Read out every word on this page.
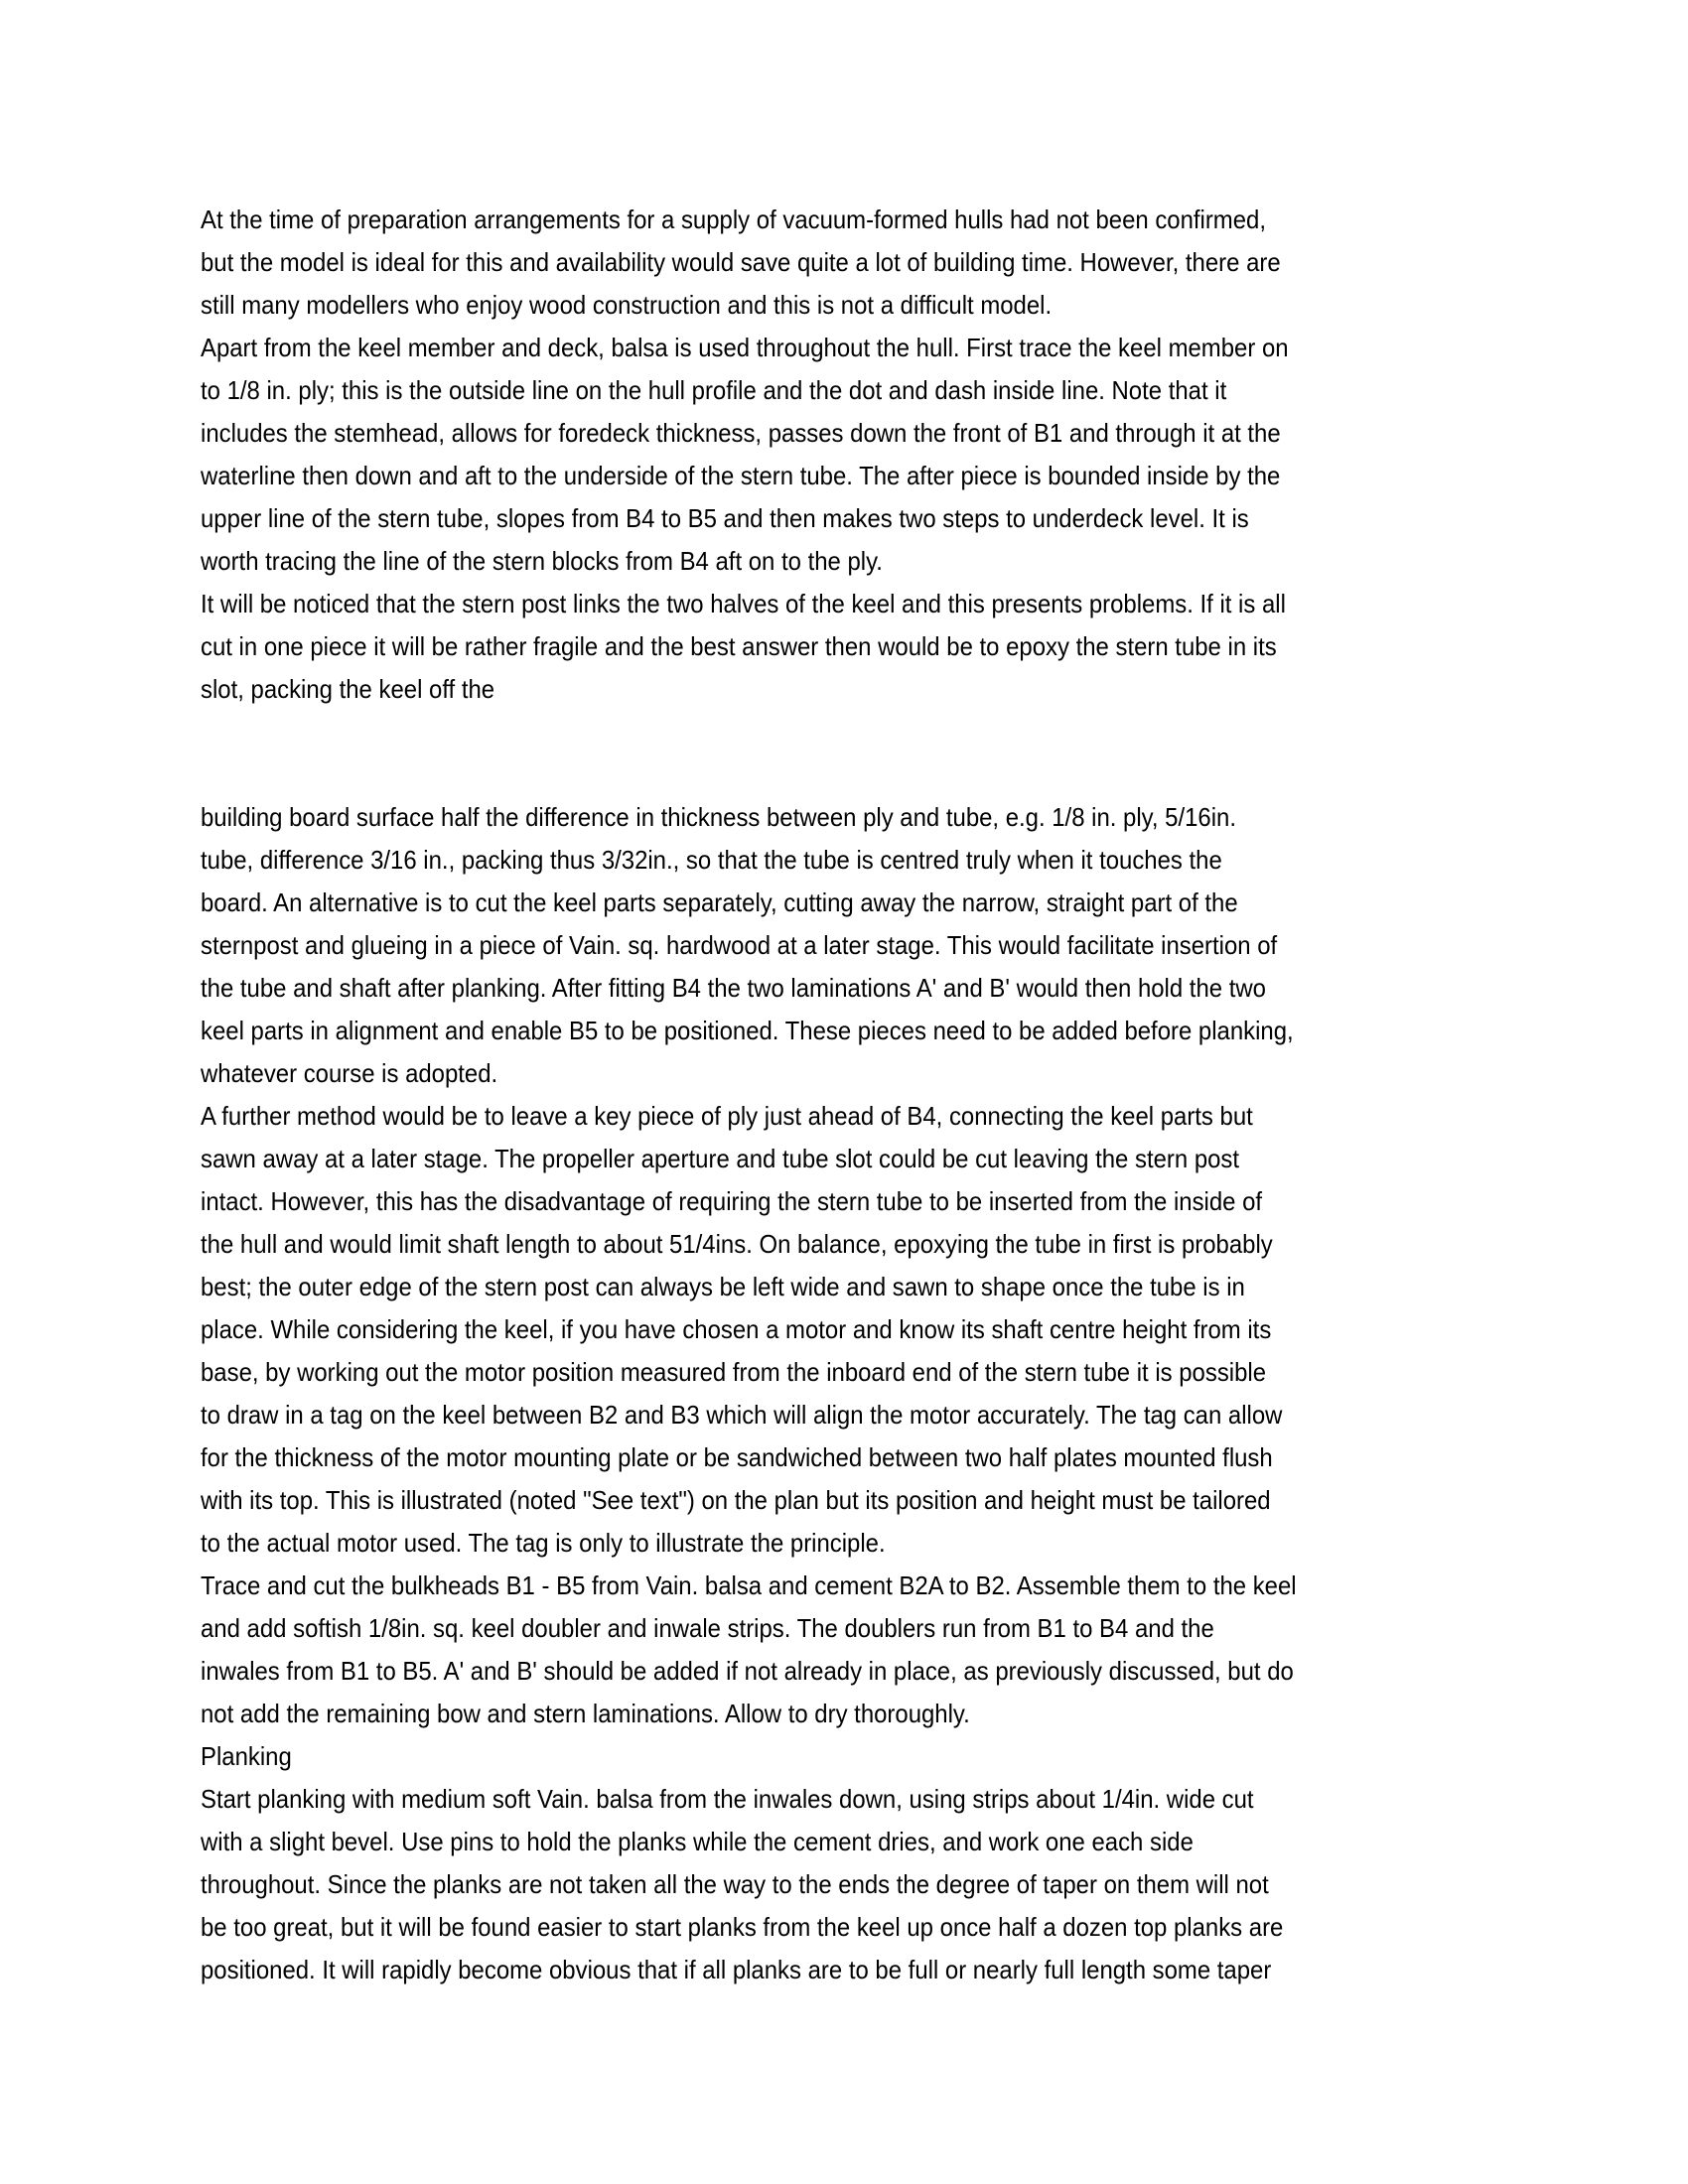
At the time of preparation arrangements for a supply of vacuum-formed hulls had not been confirmed,
but the model is ideal for this and availability would save quite a lot of building time. However, there are
still many modellers who enjoy wood construction and this is not a difficult model.
Apart from the keel member and deck, balsa is used throughout the hull. First trace the keel member on
to 1/8 in. ply; this is the outside line on the hull profile and the dot and dash inside line. Note that it
includes the stemhead, allows for foredeck thickness, passes down the front of B1 and through it at the
waterline then down and aft to the underside of the stern tube. The after piece is bounded inside by the
upper line of the stern tube, slopes from B4 to B5 and then makes two steps to underdeck level. It is
worth tracing the line of the stern blocks from B4 aft on to the ply.
It will be noticed that the stern post links the two halves of the keel and this presents problems. If it is all
cut in one piece it will be rather fragile and the best answer then would be to epoxy the stern tube in its
slot, packing the keel off the
building board surface half the difference in thickness between ply and tube, e.g. 1/8 in. ply, 5/16in.
tube, difference 3/16 in., packing thus 3/32in., so that the tube is centred truly when it touches the
board. An alternative is to cut the keel parts separately, cutting away the narrow, straight part of the
sternpost and glueing in a piece of Vain. sq. hardwood at a later stage. This would facilitate insertion of
the tube and shaft after planking. After fitting B4 the two laminations A' and B' would then hold the two
keel parts in alignment and enable B5 to be positioned. These pieces need to be added before planking,
whatever course is adopted.
A further method would be to leave a key piece of ply just ahead of B4, connecting the keel parts but
sawn away at a later stage. The propeller aperture and tube slot could be cut leaving the stern post
intact. However, this has the disadvantage of requiring the stern tube to be inserted from the inside of
the hull and would limit shaft length to about 51/4ins. On balance, epoxying the tube in first is probably
best; the outer edge of the stern post can always be left wide and sawn to shape once the tube is in
place. While considering the keel, if you have chosen a motor and know its shaft centre height from its
base, by working out the motor position measured from the inboard end of the stern tube it is possible
to draw in a tag on the keel between B2 and B3 which will align the motor accurately. The tag can allow
for the thickness of the motor mounting plate or be sandwiched between two half plates mounted flush
with its top. This is illustrated (noted "See text") on the plan but its position and height must be tailored
to the actual motor used. The tag is only to illustrate the principle.
Trace and cut the bulkheads B1 - B5 from Vain. balsa and cement B2A to B2. Assemble them to the keel
and add softish 1/8in. sq. keel doubler and inwale strips. The doublers run from B1 to B4 and the
inwales from B1 to B5. A' and B' should be added if not already in place, as previously discussed, but do
not add the remaining bow and stern laminations. Allow to dry thoroughly.
Planking
Start planking with medium soft Vain. balsa from the inwales down, using strips about 1/4in. wide cut
with a slight bevel. Use pins to hold the planks while the cement dries, and work one each side
throughout. Since the planks are not taken all the way to the ends the degree of taper on them will not
be too great, but it will be found easier to start planks from the keel up once half a dozen top planks are
positioned. It will rapidly become obvious that if all planks are to be full or nearly full length some taper
